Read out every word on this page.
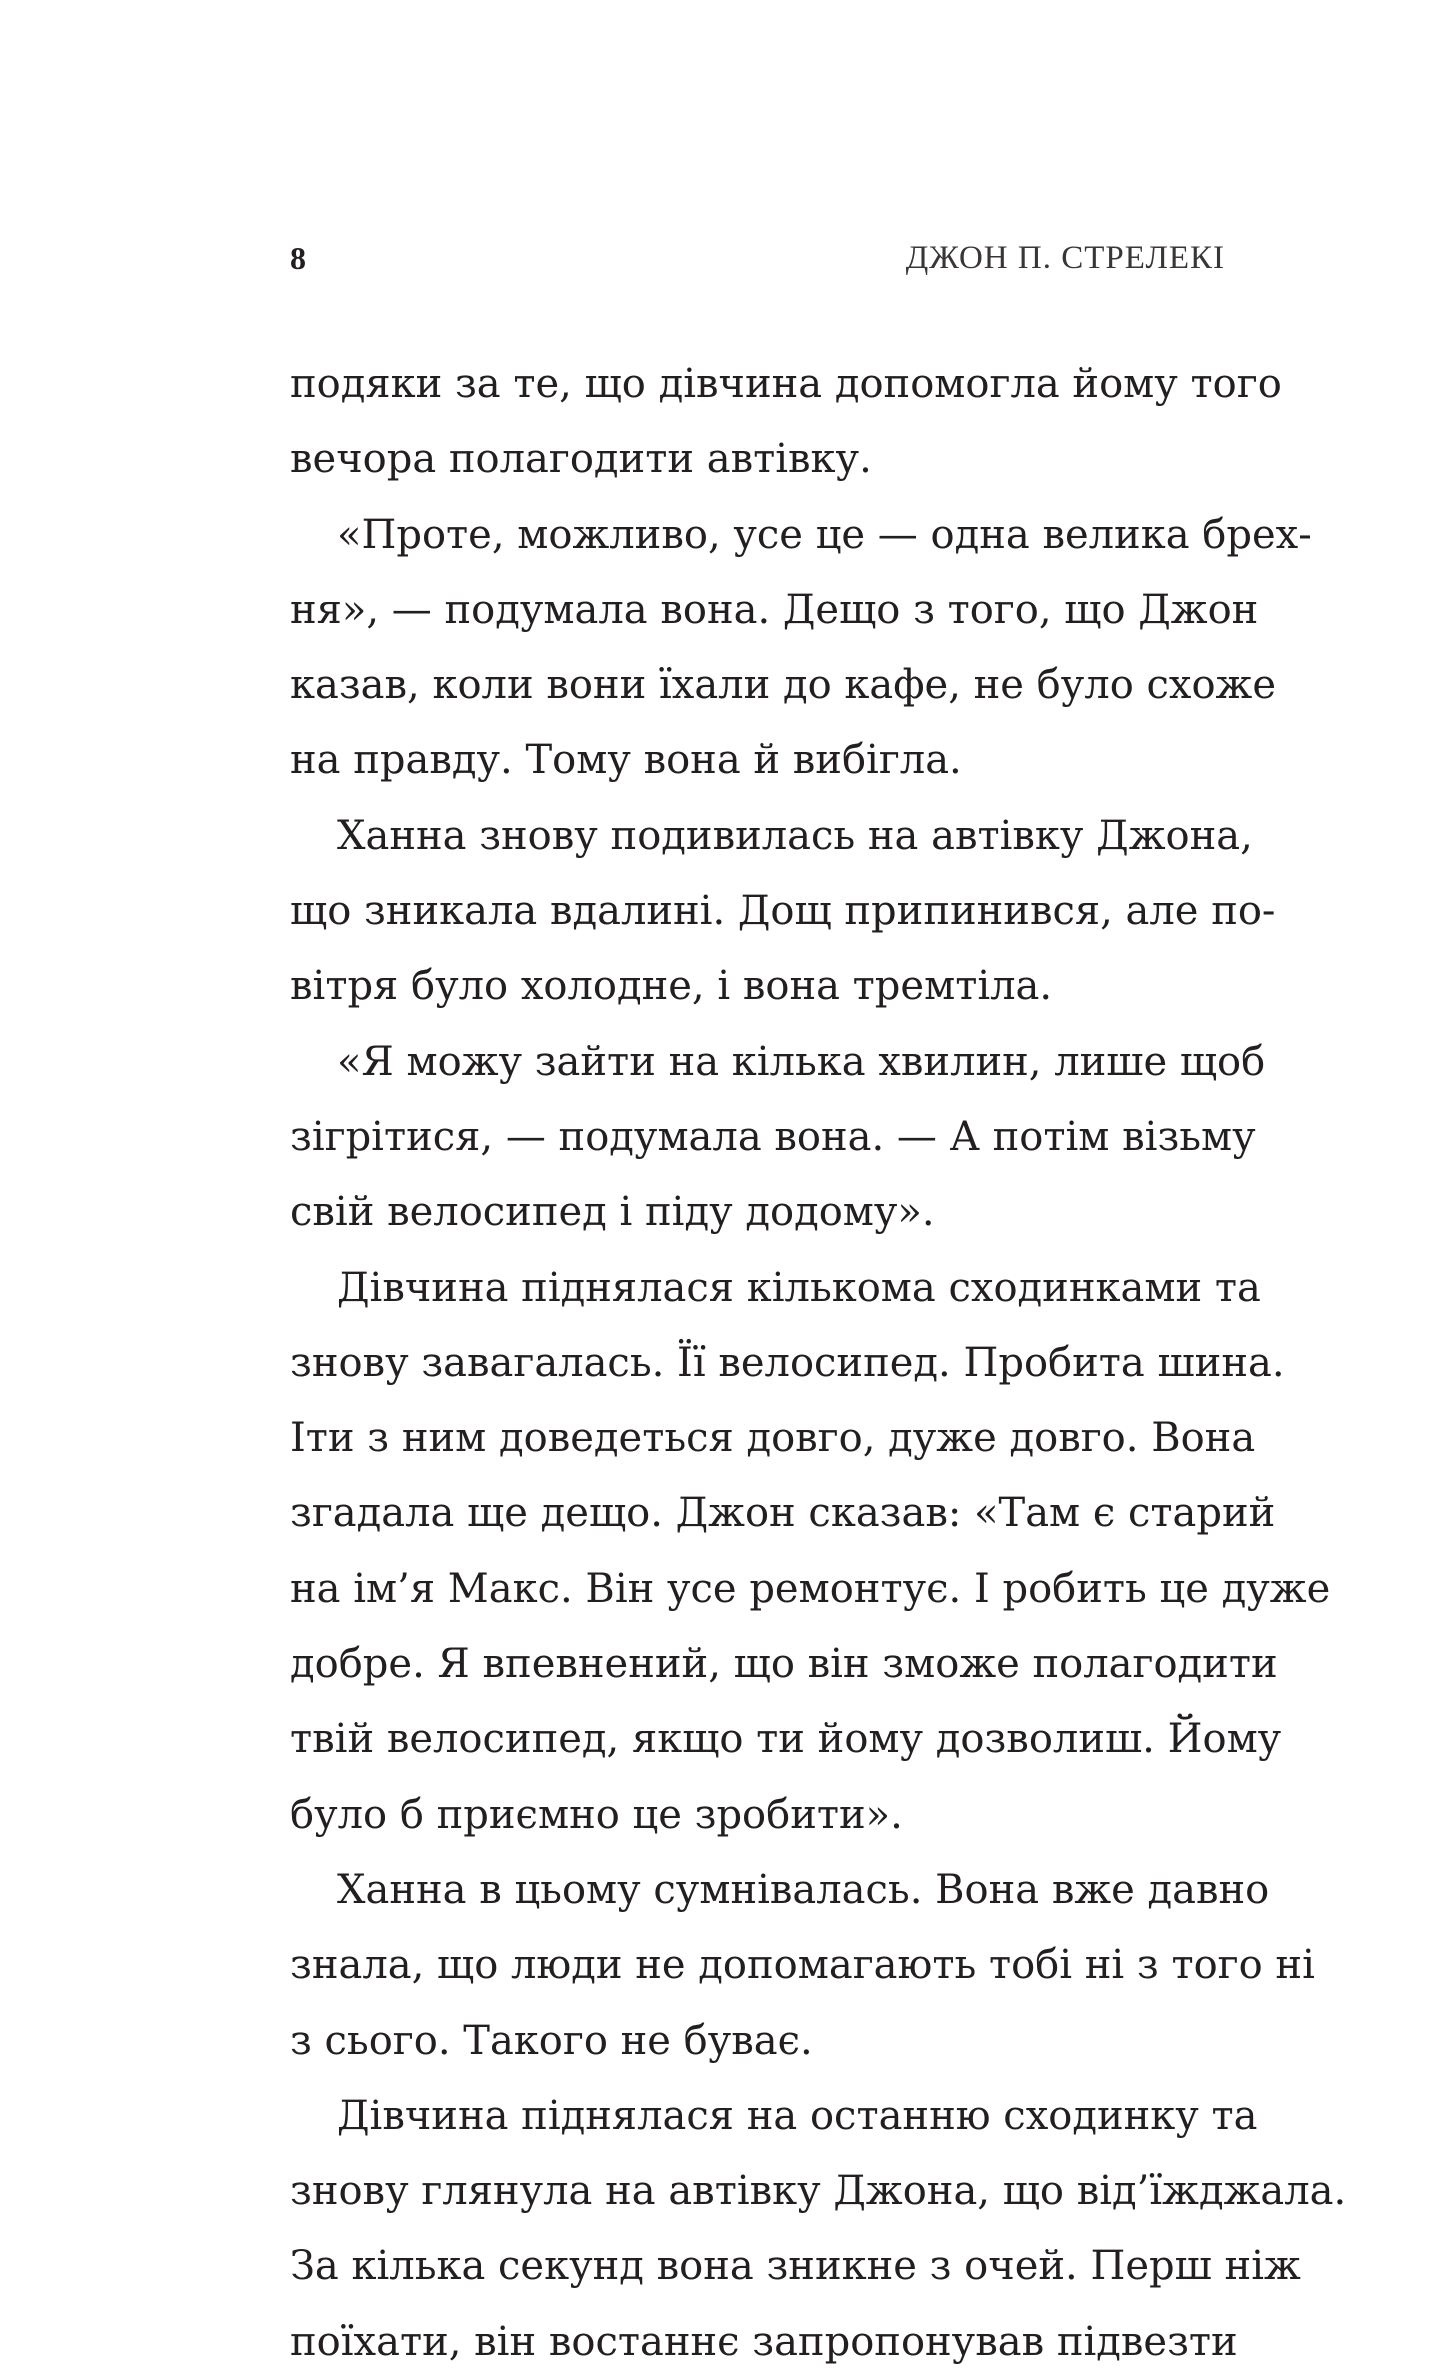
8	ДЖОН П. СТРЕЛЕКІ
подяки за те, що дівчина допомогла йому того
вечора полагодити автівку.
«Проте, можливо, усе це — одна велика брех-
ня», — подумала вона. Дещо з того, що Джон
казав, коли вони їхали до кафе, не було схоже
на правду. Тому вона й вибігла.
Ханна знову подивилась на автівку Джона,
що зникала вдалині. Дощ припинився, але по-
вітря було холодне, і вона тремтіла.
«Я можу зайти на кілька хвилин, лише щоб
зігрітися, — подумала вона. — А потім візьму
свій велосипед і піду додому».
Дівчина піднялася кількома сходинками та
знову завагалась. Її велосипед. Пробита шина.
Іти з ним доведеться довго, дуже довго. Вона
згадала ще дещо. Джон сказав: «Там є старий
на ім’я Макс. Він усе ремонтує. І робить це дуже
добре. Я впевнений, що він зможе полагодити
твій велосипед, якщо ти йому дозволиш. Йому
було б приємно це зробити».
Ханна в цьому сумнівалась. Вона вже давно
знала, що люди не допомагають тобі ні з того ні
з сього. Такого не буває.
Дівчина піднялася на останню сходинку та
знову глянула на автівку Джона, що від’їжджала.
За кілька секунд вона зникне з очей. Перш ніж
поїхати, він востаннє запропонував підвезти
